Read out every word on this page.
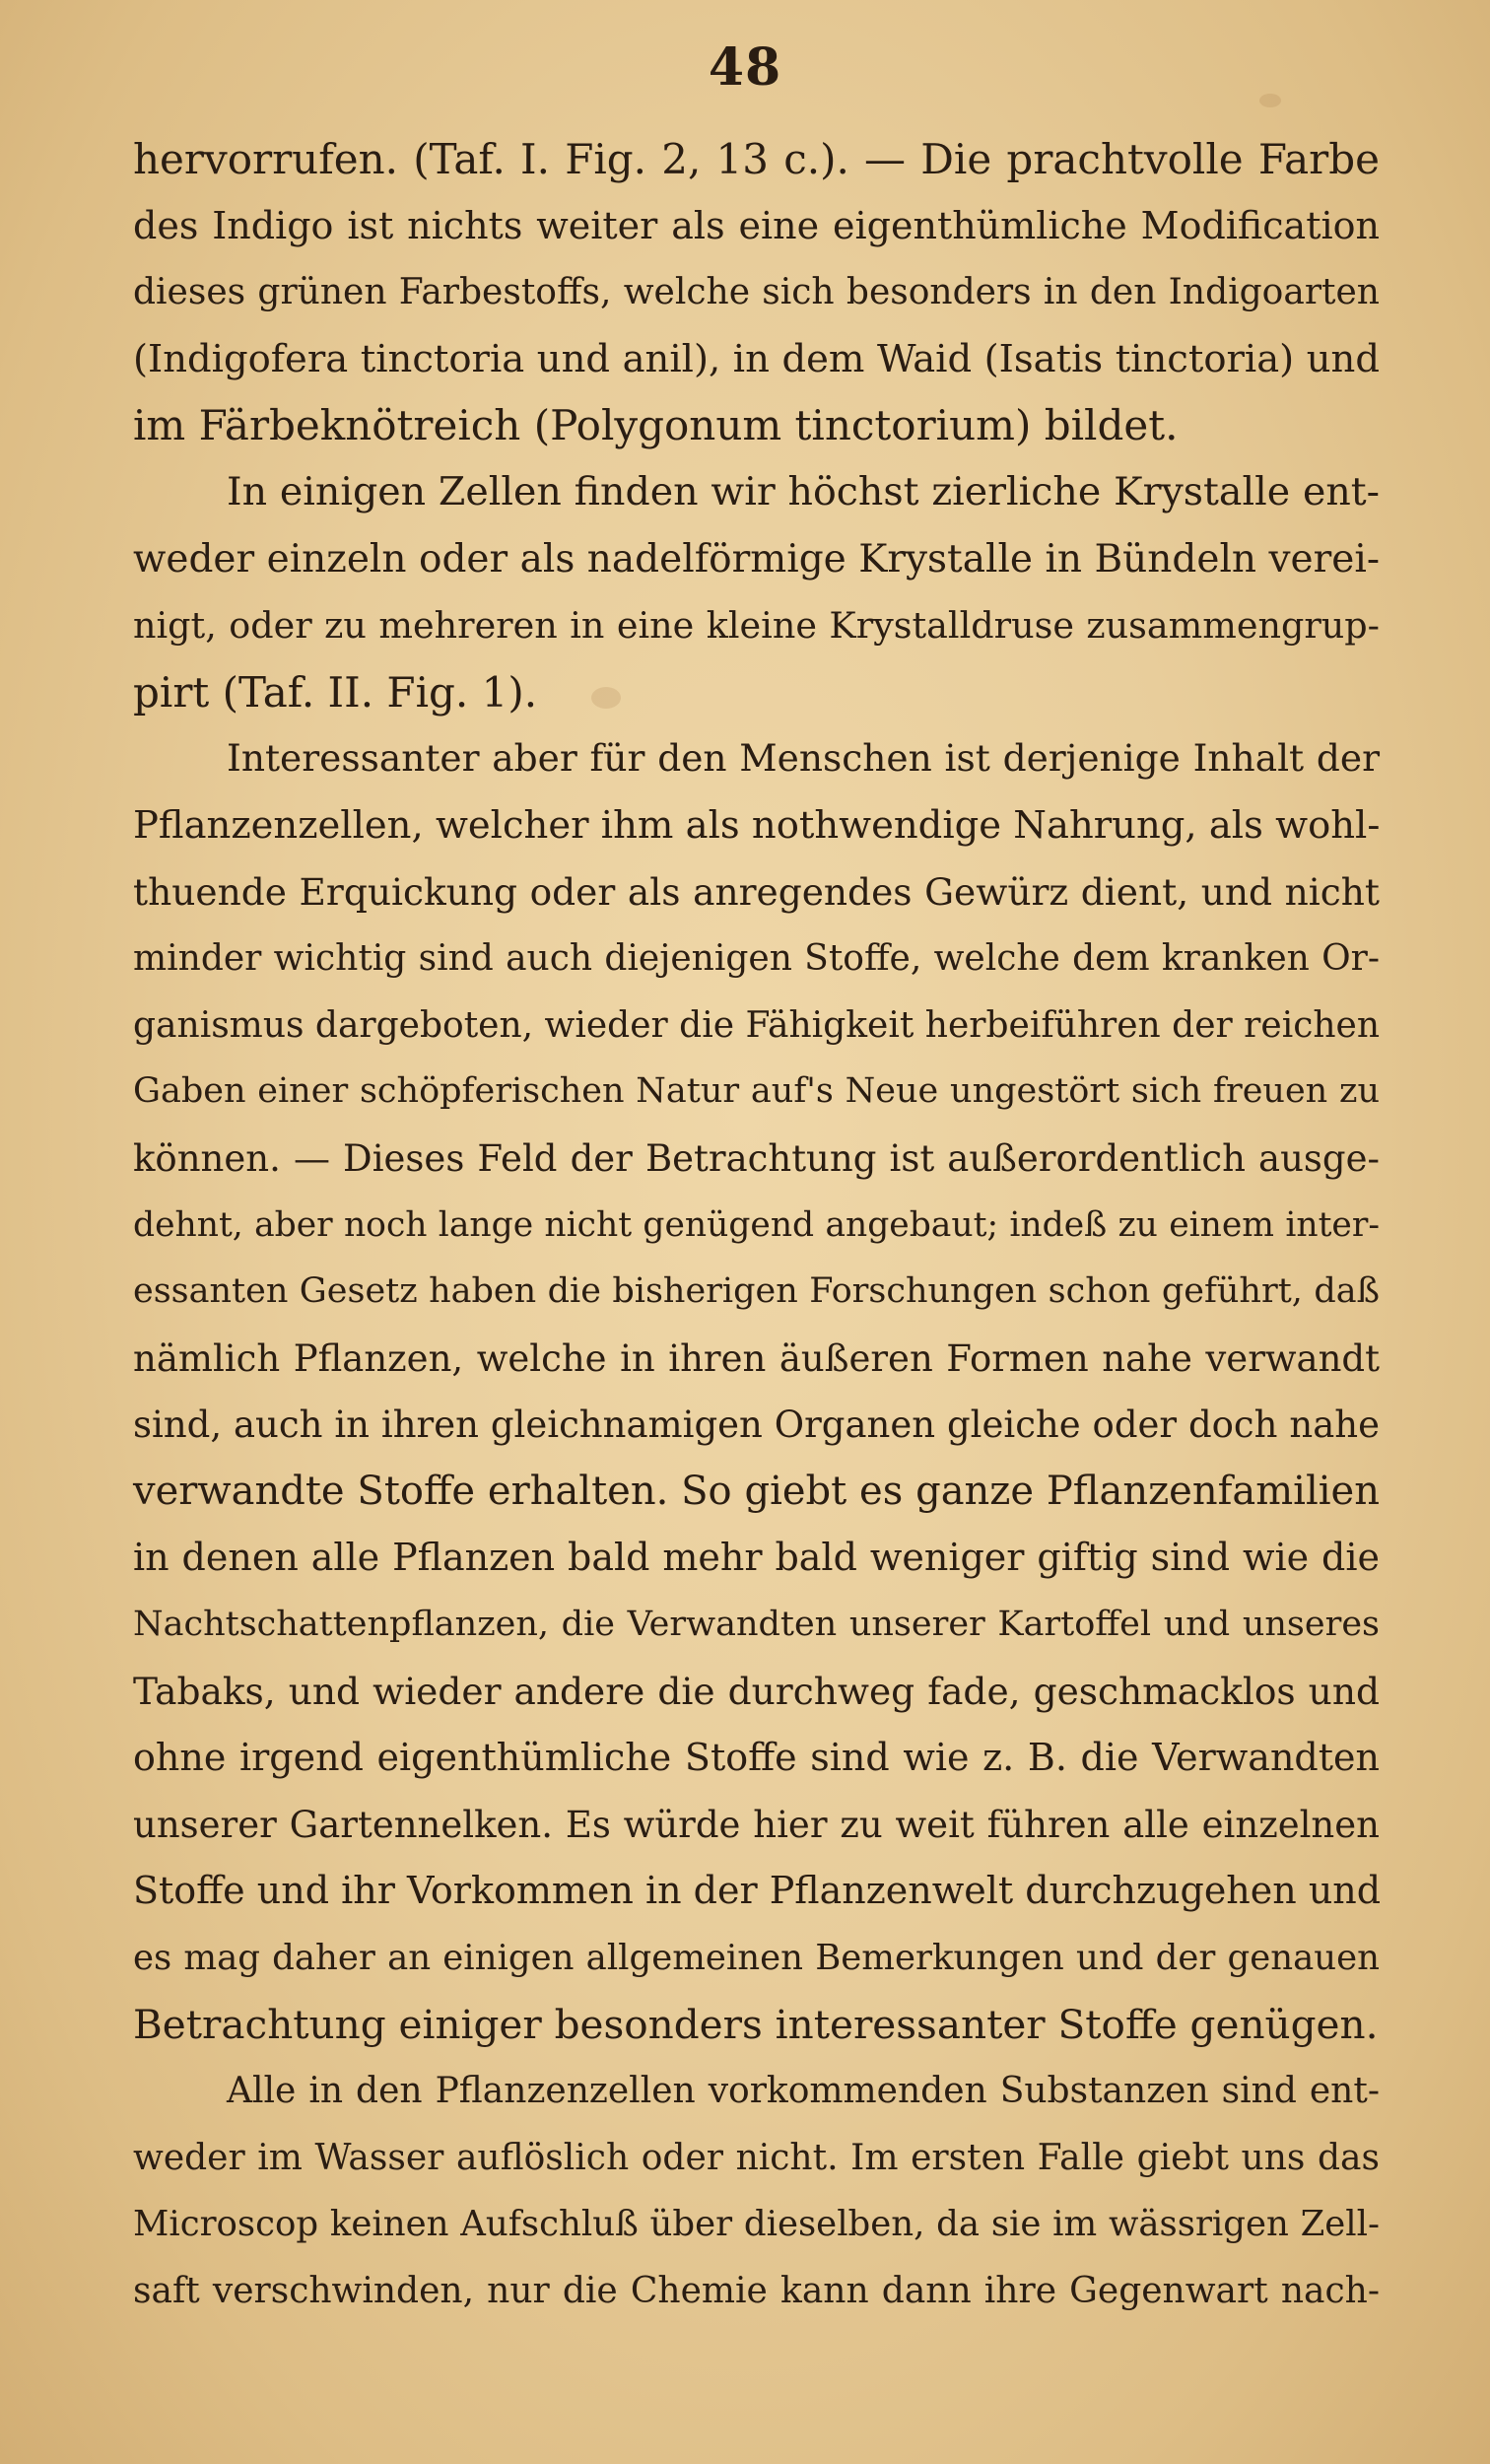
48
hervorrufen. (Taf. I. Fig. 2, 13 c.). — Die prachtvolle Farbe
des Indigo ist nichts weiter als eine eigenthümliche Modification
dieses grünen Farbestoffs, welche sich besonders in den Indigoarten
(Indigofera tinctoria und anil), in dem Waid (Isatis tinctoria) und
im Färbeknötreich (Polygonum tinctorium) bildet.
In einigen Zellen finden wir höchst zierliche Krystalle ent-
weder einzeln oder als nadelförmige Krystalle in Bündeln verei-
nigt, oder zu mehreren in eine kleine Krystalldruse zusammengrup-
pirt (Taf. II. Fig. 1).
Interessanter aber für den Menschen ist derjenige Inhalt der
Pflanzenzellen, welcher ihm als nothwendige Nahrung, als wohl-
thuende Erquickung oder als anregendes Gewürz dient, und nicht
minder wichtig sind auch diejenigen Stoffe, welche dem kranken Or-
ganismus dargeboten, wieder die Fähigkeit herbeiführen der reichen
Gaben einer schöpferischen Natur auf's Neue ungestört sich freuen zu
können. — Dieses Feld der Betrachtung ist außerordentlich ausge-
dehnt, aber noch lange nicht genügend angebaut; indeß zu einem inter-
essanten Gesetz haben die bisherigen Forschungen schon geführt, daß
nämlich Pflanzen, welche in ihren äußeren Formen nahe verwandt
sind, auch in ihren gleichnamigen Organen gleiche oder doch nahe
verwandte Stoffe erhalten. So giebt es ganze Pflanzenfamilien
in denen alle Pflanzen bald mehr bald weniger giftig sind wie die
Nachtschattenpflanzen, die Verwandten unserer Kartoffel und unseres
Tabaks, und wieder andere die durchweg fade, geschmacklos und
ohne irgend eigenthümliche Stoffe sind wie z. B. die Verwandten
unserer Gartennelken. Es würde hier zu weit führen alle einzelnen
Stoffe und ihr Vorkommen in der Pflanzenwelt durchzugehen und
es mag daher an einigen allgemeinen Bemerkungen und der genauen
Betrachtung einiger besonders interessanter Stoffe genügen.
Alle in den Pflanzenzellen vorkommenden Substanzen sind ent-
weder im Wasser auflöslich oder nicht. Im ersten Falle giebt uns das
Microscop keinen Aufschluß über dieselben, da sie im wässrigen Zell-
saft verschwinden, nur die Chemie kann dann ihre Gegenwart nach-
